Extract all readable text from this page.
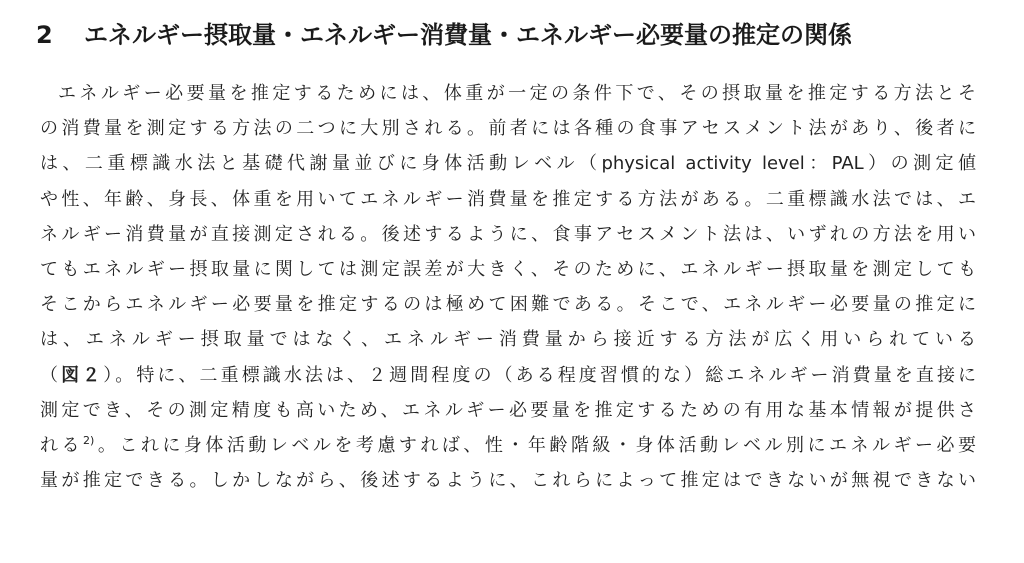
2 エネルギー摂取量・エネルギー消費量・エネルギー必要量の推定の関係
エネルギー必要量を推定するためには、体重が一定の条件下で、その摂取量を推定する方法とそ
の消費量を測定する方法の二つに大別される。前者には各種の食事アセスメント法があり、後者に
は、二重標識水法と基礎代謝量並びに身体活動レベル（physical activity level：PAL）の測定値
や性、年齢、身長、体重を用いてエネルギー消費量を推定する方法がある。二重標識水法では、エ
ネルギー消費量が直接測定される。後述するように、食事アセスメント法は、いずれの方法を用い
てもエネルギー摂取量に関しては測定誤差が大きく、そのために、エネルギー摂取量を測定しても
そこからエネルギー必要量を推定するのは極めて困難である。そこで、エネルギー必要量の推定に
は、エネルギー摂取量ではなく、エネルギー消費量から接近する方法が広く用いられている
（図２）。特に、二重標識水法は、２週間程度の（ある程度習慣的な）総エネルギー消費量を直接に
測定でき、その測定精度も高いため、エネルギー必要量を推定するための有用な基本情報が提供さ
れる$^{2)}$。これに身体活動レベルを考慮すれば、性・年齢階級・身体活動レベル別にエネルギー必要
量が推定できる。しかしながら、後述するように、これらによって推定はできないが無視できない
